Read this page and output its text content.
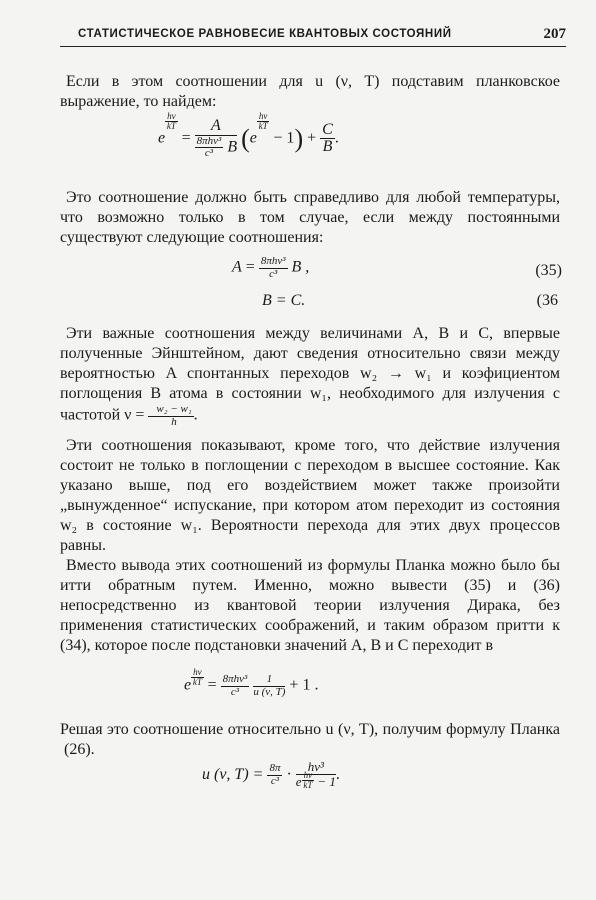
СТАТИСТИЧЕСКОЕ РАВНОВЕСИЕ КВАНТОВЫХ СОСТОЯНИЙ	207

Если в этом соотношении для u (ν, T) подставим планковское выражение, то найдем:

e
$\frac{h\nu}{kT}$
= $\frac{A}{\frac{\text{8πhν³}}{\text{c³}} B} (e$
$\frac{h\nu}{kT}$
− $1) + \frac{C}{B}$ .

Это соотношение должно быть справедливо для любой температуры, что возможно только в том случае, если между постоянными существуют следующие соотношения:

$A = \frac{\text{8πhν³}}{\text{c³}}$ B ,	(35)
B = C.	(36

Эти важные соотношения между величинами A, B и C, впервые полученные Эйнштейном, дают сведения относительно связи между вероятностью A спонтанных переходов w₂ → w₁ и коэфициентом поглощения B атома в состоянии w₁, необходимого для излучения с частотой $\nu = \frac{\text{w₂ − w₁}}{h}$ .

Эти соотношения показывают, кроме того, что действие излучения состоит не только в поглощении с переходом в высшее состояние. Как указано выше, под его воздействием может также произойти „вынужденное“ испускание, при котором атом переходит из состояния w₂ в состояние w₁. Вероятности перехода для этих двух процессов равны.

Вместо вывода этих соотношений из формулы Планка можно было бы итти обратным путем. Именно, можно вывести (35) и (36) непосредственно из квантовой теории излучения Дирака, без применения статистических соображений, и таким образом притти к (34), которое после подстановки значений A, B и C переходит в

e $\frac{h\nu}{kT} = \frac{\text{8πhν³}}{\text{c³}}$
$\frac{1}{u (\nu, T)} + 1$ .

Решая это соотношение относительно u (ν, T), получим формулу Планка (26).

u (ν, $T) = \frac{8\pi}{\text{c³}} \cdot \frac{\text{hν³}}{e \frac{h\nu}{kT} - 1}$ .
